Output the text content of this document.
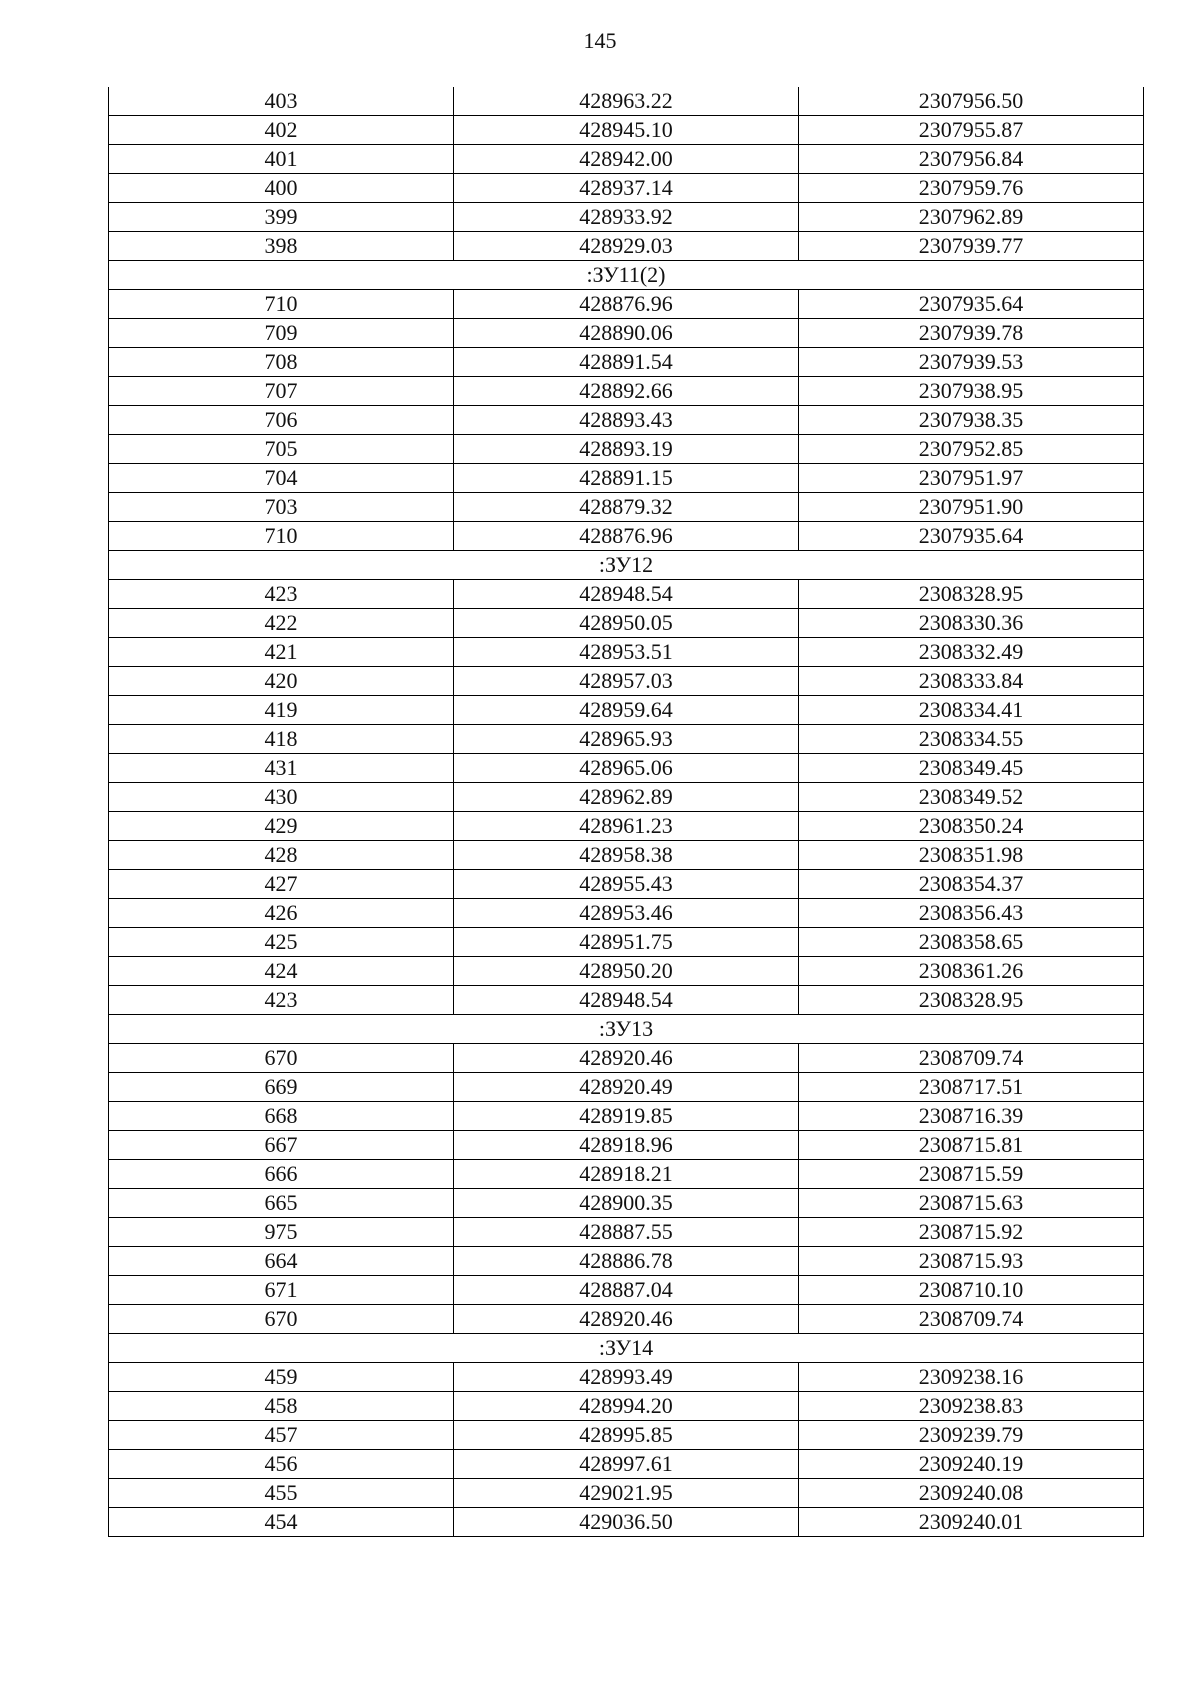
145
403	428963.22	2307956.50
402	428945.10	2307955.87
401	428942.00	2307956.84
400	428937.14	2307959.76
399	428933.92	2307962.89
398	428929.03	2307939.77
:ЗУ11(2)		
710	428876.96	2307935.64
709	428890.06	2307939.78
708	428891.54	2307939.53
707	428892.66	2307938.95
706	428893.43	2307938.35
705	428893.19	2307952.85
704	428891.15	2307951.97
703	428879.32	2307951.90
710	428876.96	2307935.64
:ЗУ12		
423	428948.54	2308328.95
422	428950.05	2308330.36
421	428953.51	2308332.49
420	428957.03	2308333.84
419	428959.64	2308334.41
418	428965.93	2308334.55
431	428965.06	2308349.45
430	428962.89	2308349.52
429	428961.23	2308350.24
428	428958.38	2308351.98
427	428955.43	2308354.37
426	428953.46	2308356.43
425	428951.75	2308358.65
424	428950.20	2308361.26
423	428948.54	2308328.95
:ЗУ13		
670	428920.46	2308709.74
669	428920.49	2308717.51
668	428919.85	2308716.39
667	428918.96	2308715.81
666	428918.21	2308715.59
665	428900.35	2308715.63
975	428887.55	2308715.92
664	428886.78	2308715.93
671	428887.04	2308710.10
670	428920.46	2308709.74
:ЗУ14		
459	428993.49	2309238.16
458	428994.20	2309238.83
457	428995.85	2309239.79
456	428997.61	2309240.19
455	429021.95	2309240.08
454	429036.50	2309240.01
